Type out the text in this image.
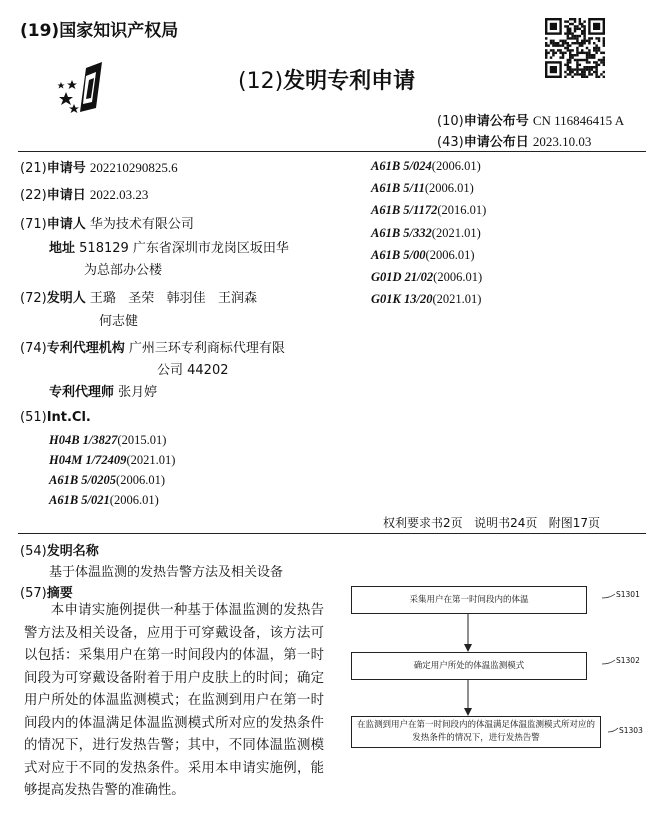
(19)国家知识产权局
(12)发明专利申请
(10)申请公布号 CN 116846415 A
(43)申请公布日 2023.10.03
(21)申请号 202210290825.6
(22)申请日 2022.03.23
(71)申请人 华为技术有限公司
地址 518129 广东省深圳市龙岗区坂田华
为总部办公楼
(72)发明人 王璐   圣荣   韩羽佳   王润森
何志健
(74)专利代理机构 广州三环专利商标代理有限
公司 44202
专利代理师 张月婷
(51)Int.Cl.
H04B 1/3827(2015.01)
H04M 1/72409(2021.01)
A61B 5/0205(2006.01)
A61B 5/021(2006.01)
A61B 5/024(2006.01)
A61B 5/11(2006.01)
A61B 5/1172(2016.01)
A61B 5/332(2021.01)
A61B 5/00(2006.01)
G01D 21/02(2006.01)
G01K 13/20(2021.01)
权利要求书2页   说明书24页   附图17页
(54)发明名称
基于体温监测的发热告警方法及相关设备
(57)摘要
本申请实施例提供一种基于体温监测的发热告警方法及相关设备，应用于可穿戴设备，该方法可以包括：采集用户在第一时间段内的体温，第一时间段为可穿戴设备附着于用户皮肤上的时间；确定用户所处的体温监测模式；在监测到用户在第一时间段内的体温满足体温监测模式所对应的发热条件的情况下，进行发热告警；其中，不同体温监测模式对应于不同的发热条件。采用本申请实施例，能够提高发热告警的准确性。
采集用户在第一时间段内的体温	S1301
确定用户所处的体温监测模式	S1302
在监测到用户在第一时间段内的体温满足体温监测模式所对应的发热条件的情况下，进行发热告警
S1303
